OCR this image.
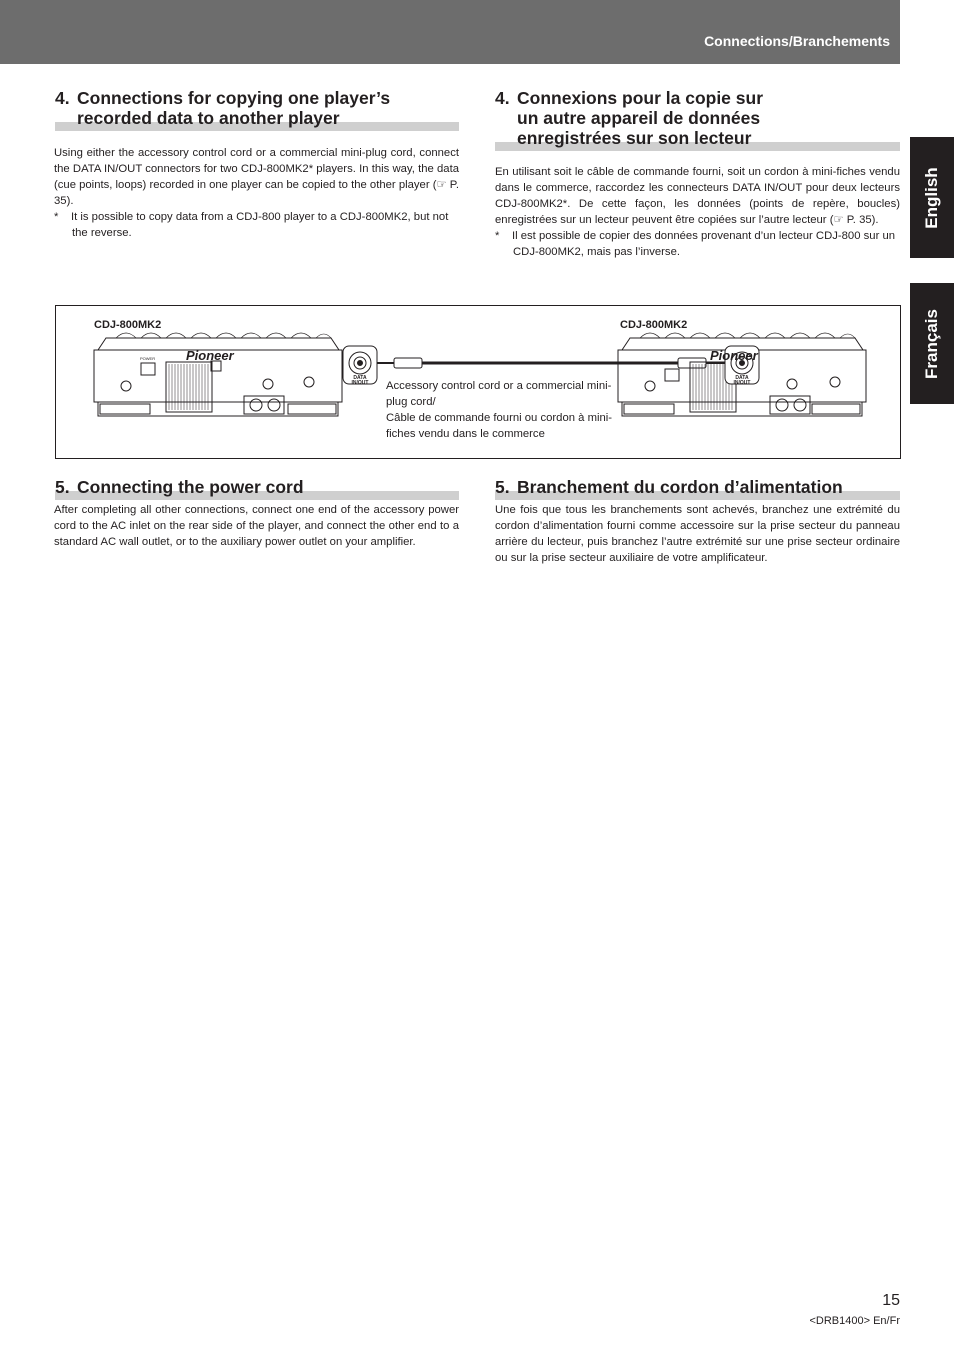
Connections/Branchements
English
Français
4. Connections for copying one player’s recorded data to another player
Using either the accessory control cord or a commercial mini-plug cord, connect the DATA IN/OUT connectors for two CDJ-800MK2* players. In this way, the data (cue points, loops) recorded in one player can be copied to the other player (☞ P. 35).
* It is possible to copy data from a CDJ-800 player to a CDJ-800MK2, but not the reverse.
4. Connexions pour la copie sur un autre appareil de données enregistrées sur son lecteur
En utilisant soit le câble de commande fourni, soit un cordon à mini-fiches vendu dans le commerce, raccordez les connecteurs DATA IN/OUT pour deux lecteurs CDJ-800MK2*. De cette façon, les données (points de repère, boucles) enregistrées sur un lecteur peuvent être copiées sur l’autre lecteur (☞ P. 35).
* Il est possible de copier des données provenant d’un lecteur CDJ-800 sur un CDJ-800MK2, mais pas l’inverse.
CDJ-800MK2	CDJ-800MK2
Pioneer	Pioneer
POWER
DATA
IN/OUT
DATA
IN/OUT
Accessory control cord or a commercial mini-plug cord/
Câble de commande fourni ou cordon à mini-fiches vendu dans le commerce
5. Connecting the power cord
After completing all other connections, connect one end of the accessory power cord to the AC inlet on the rear side of the player, and connect the other end to a standard AC wall outlet, or to the auxiliary power outlet on your amplifier.
5. Branchement du cordon d’alimentation
Une fois que tous les branchements sont achevés, branchez une extrémité du cordon d’alimentation fourni comme accessoire sur la prise secteur du panneau arrière du lecteur, puis branchez l’autre extrémité sur une prise secteur ordinaire ou sur la prise secteur auxiliaire de votre amplificateur.
15
<DRB1400> En/Fr
